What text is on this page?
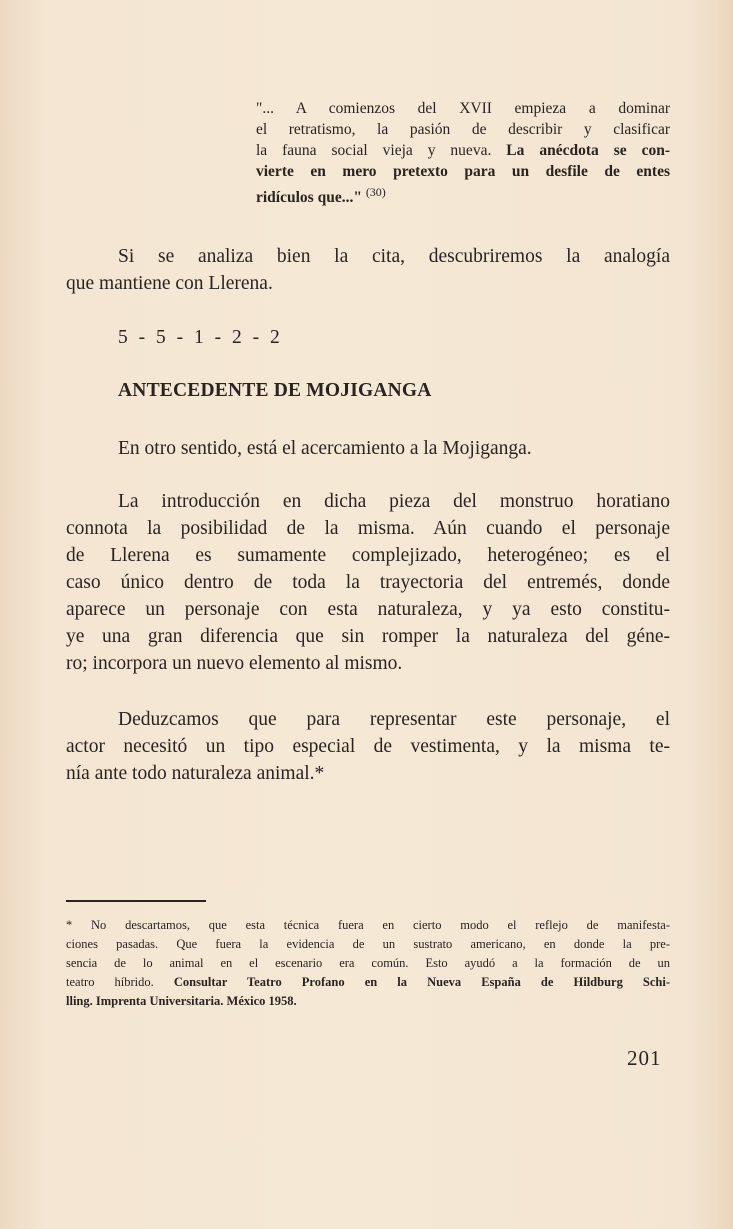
"... A comienzos del XVII empieza a dominar
el retratismo, la pasión de describir y clasificar
la fauna social vieja y nueva. La anécdota se con-
vierte en mero pretexto para un desfile de entes
ridículos que..." $^{(30)}$
Si se analiza bien la cita, descubriremos la analogía
que mantiene con Llerena.
5 - 5 - 1 - 2 - 2
ANTECEDENTE DE MOJIGANGA
En otro sentido, está el acercamiento a la Mojiganga.
La introducción en dicha pieza del monstruo horatiano
connota la posibilidad de la misma. Aún cuando el personaje
de Llerena es sumamente complejizado, heterogéneo; es el
caso único dentro de toda la trayectoria del entremés, donde
aparece un personaje con esta naturaleza, y ya esto constitu-
ye una gran diferencia que sin romper la naturaleza del géne-
ro; incorpora un nuevo elemento al mismo.
Deduzcamos que para representar este personaje, el
actor necesitó un tipo especial de vestimenta, y la misma te-
nía ante todo naturaleza animal.*
* No descartamos, que esta técnica fuera en cierto modo el reflejo de manifesta-
ciones pasadas. Que fuera la evidencia de un sustrato americano, en donde la pre-
sencia de lo animal en el escenario era común. Esto ayudó a la formación de un
teatro híbrido. Consultar Teatro Profano en la Nueva España de Hildburg Schi-
lling. Imprenta Universitaria. México 1958.
201
